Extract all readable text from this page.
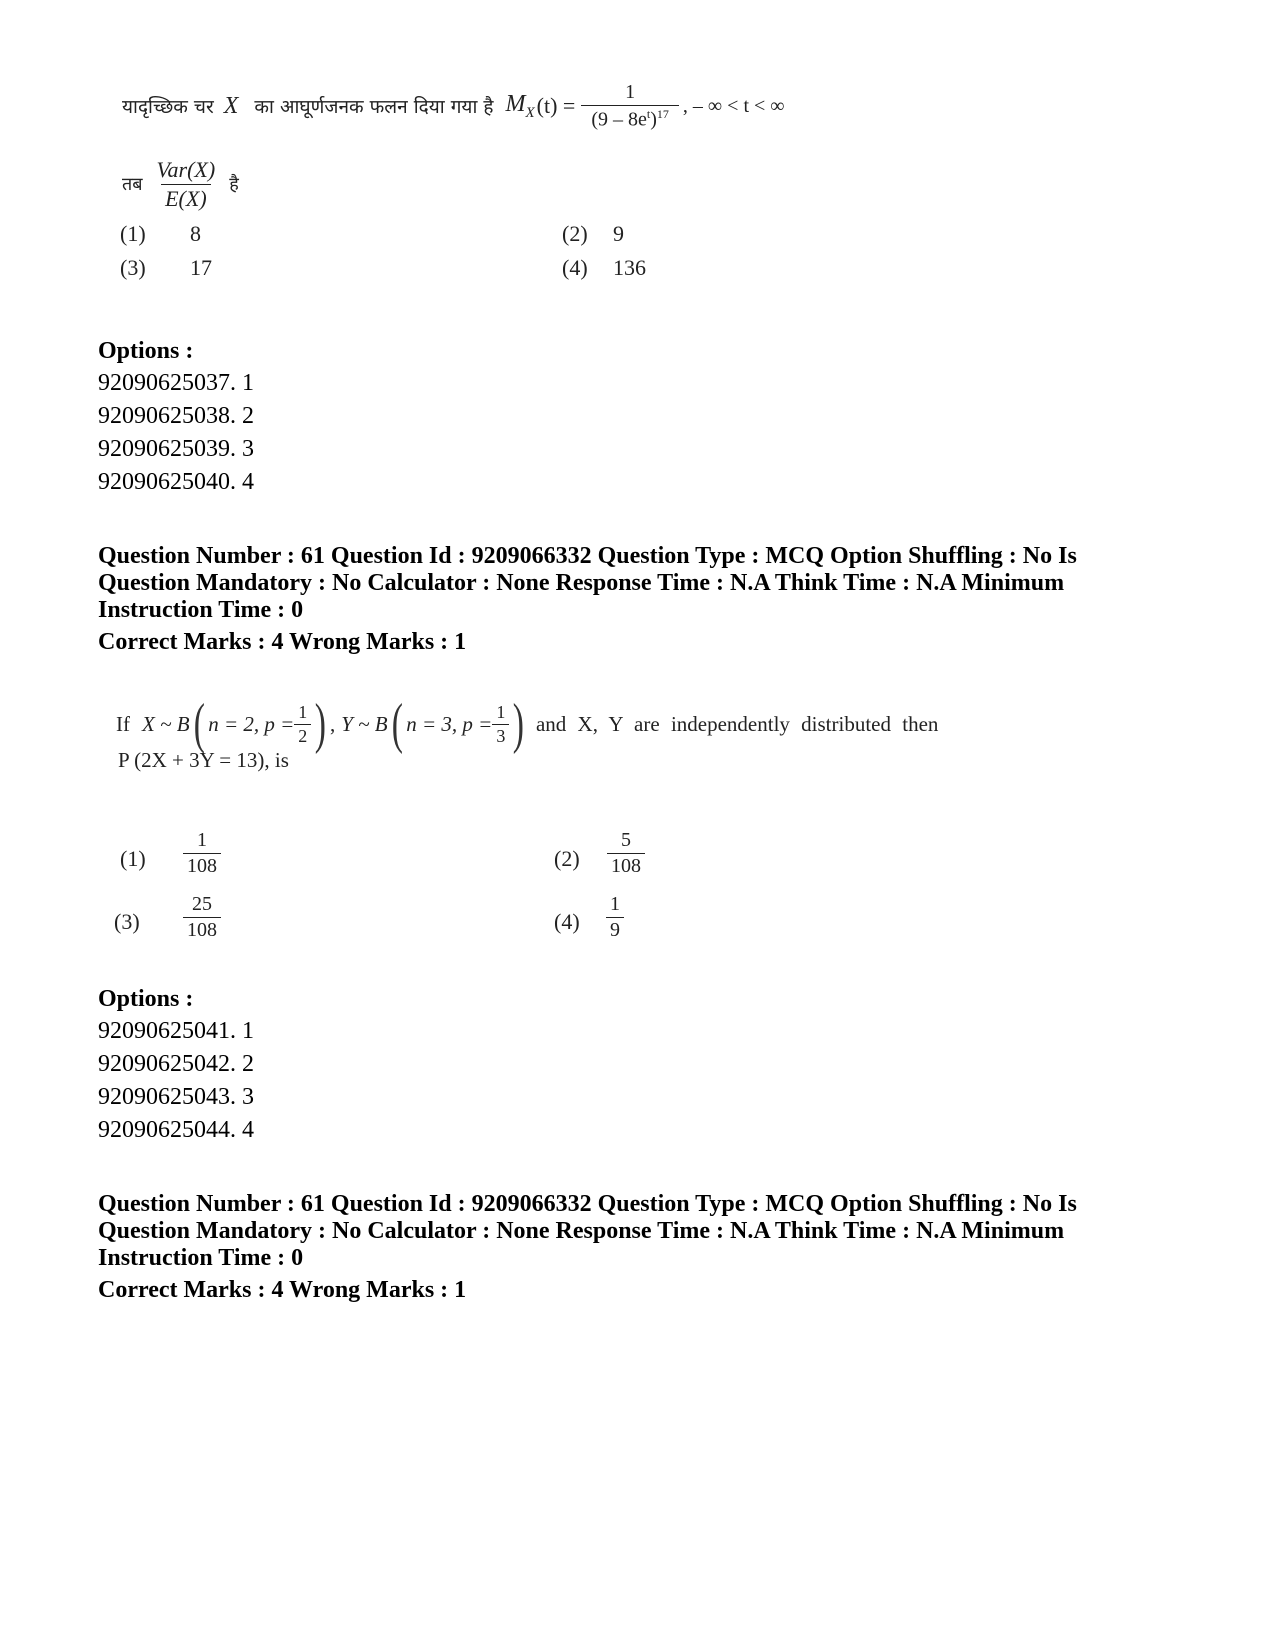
यादृच्छिक चर X का आघूर्णजनक फलन दिया गया है $M_X$ $(t) = \frac{1}{(9 - 8e^t)^{17}}$ , – ∞ < t < ∞
तब $\frac{\text{Var(X)}}{E(X)}$ है
(1) 8	(2) 9
(3) 17	(4) 136
Options :
92090625037. 1
92090625038. 2
92090625039. 3
92090625040. 4
Question Number : 61 Question Id : 9209066332 Question Type : MCQ Option Shuffling : No Is
Question Mandatory : No Calculator : None Response Time : N.A Think Time : N.A Minimum
Instruction Time : 0
Correct Marks : 4 Wrong Marks : 1
If X ~ B ( n = 2, $p = \frac{1}{2}$ ) , Y ~ B ( n = 3, $p = \frac{1}{3}$ ) and X, Y are independently distributed then
P (2X + 3Y = 13), is
$(1) \frac{1}{108}$	$(2) \frac{5}{108}$
$(3) \frac{25}{108}$	$(4) \frac{1}{9}$
Options :
92090625041. 1
92090625042. 2
92090625043. 3
92090625044. 4
Question Number : 61 Question Id : 9209066332 Question Type : MCQ Option Shuffling : No Is
Question Mandatory : No Calculator : None Response Time : N.A Think Time : N.A Minimum
Instruction Time : 0
Correct Marks : 4 Wrong Marks : 1
